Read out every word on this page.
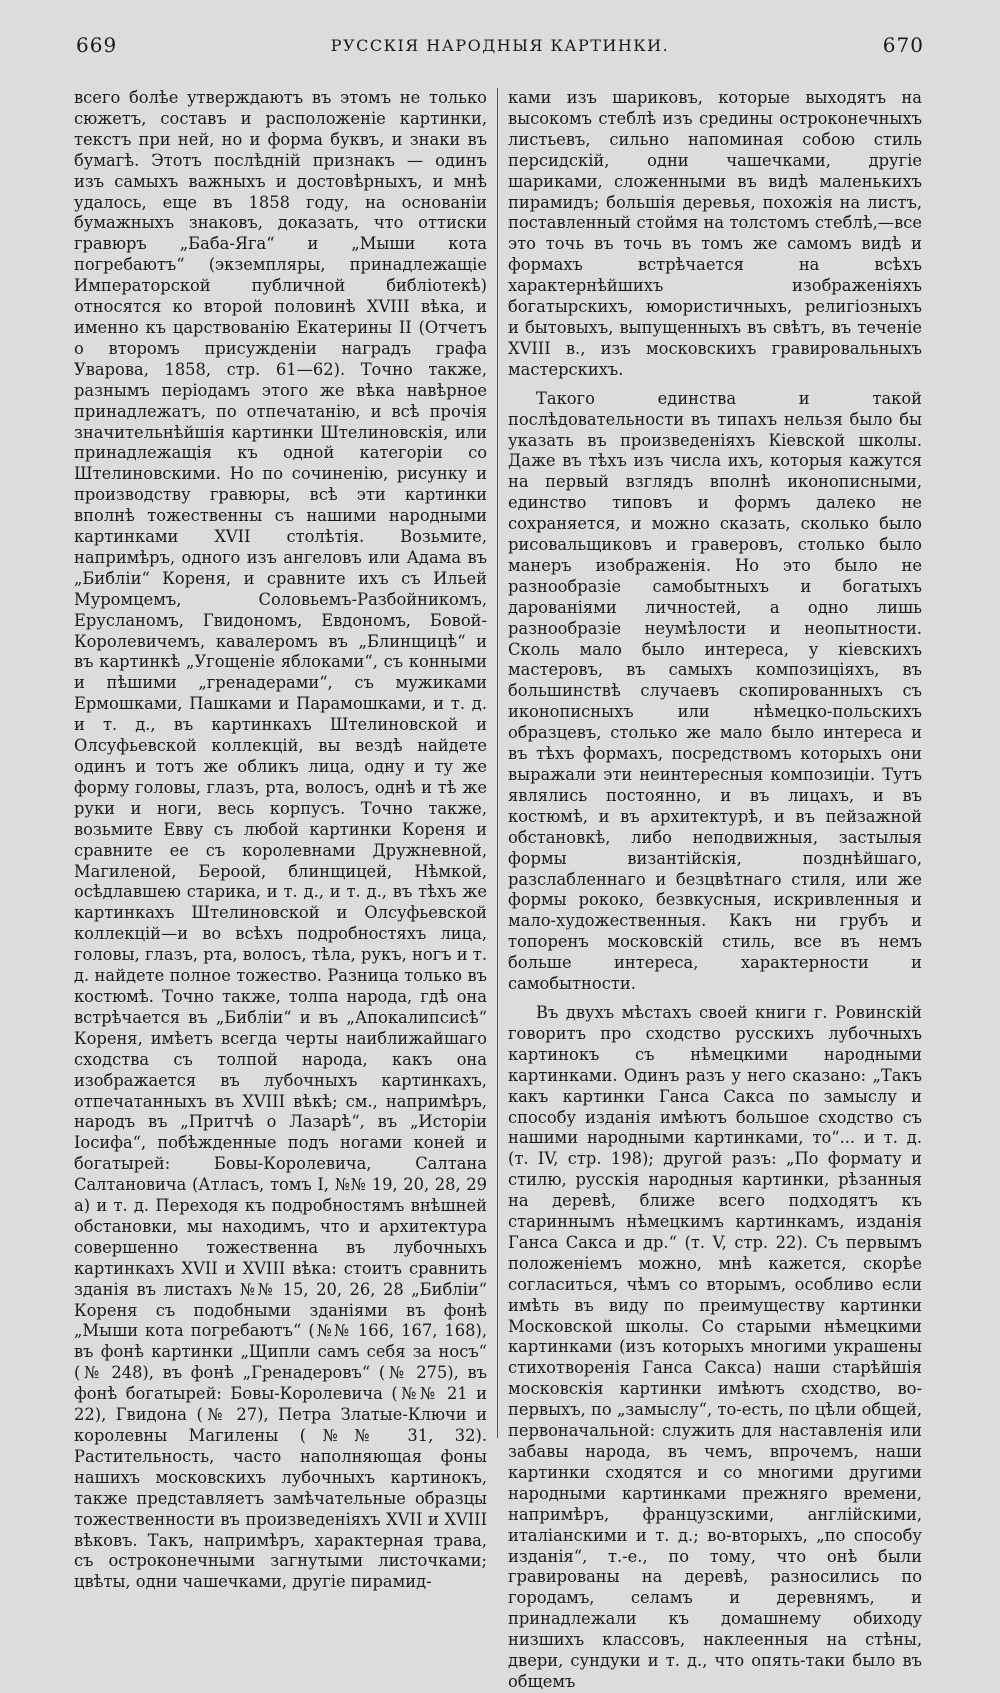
669	РУССКІЯ НАРОДНЫЯ КАРТИНКИ.	670

всего болѣе утверждаютъ въ этомъ не только сюжетъ, составъ и расположеніе картинки, текстъ при ней, но и форма буквъ, и знаки въ бумагѣ. Этотъ послѣдній признакъ — одинъ изъ самыхъ важныхъ и достовѣрныхъ, и мнѣ удалось, еще въ 1858 году, на основаніи бумажныхъ знаковъ, доказать, что оттиски гравюръ „Баба-Яга“ и „Мыши кота погребаютъ“ (экземпляры, принадлежащіе Императорской публичной библіотекѣ) относятся ко второй половинѣ XVIII вѣка, и именно къ царствованію Екатерины II (Отчетъ о второмъ присужденіи наградъ графа Уварова, 1858, стр. 61—62). Точно также, разнымъ періодамъ этого же вѣка навѣрное принадлежатъ, по отпечатанію, и всѣ прочія значительнѣйшія картинки Штелиновскія, или принадлежащія къ одной категоріи со Штелиновскими. Но по сочиненію, рисунку и производству гравюры, всѣ эти картинки вполнѣ тожественны съ нашими народными картинками XVII столѣтія. Возьмите, напримѣръ, одного изъ ангеловъ или Адама въ „Библіи“ Кореня, и сравните ихъ съ Ильей Муромцемъ, Соловьемъ-Разбойникомъ, Ерусланомъ, Гвидономъ, Евдономъ, Бовой-Королевичемъ, кавалеромъ въ „Блинщицѣ“ и въ картинкѣ „Угощеніе яблоками“, съ конными и пѣшими „гренадерами“, съ мужиками Ермошками, Пашками и Парамошками, и т. д. и т. д., въ картинкахъ Штелиновской и Олсуфьевской коллекцій, вы вездѣ найдете одинъ и тотъ же обликъ лица, одну и ту же форму головы, глазъ, рта, волосъ, однѣ и тѣ же руки и ноги, весь корпусъ. Точно также, возьмите Евву съ любой картинки Кореня и сравните ее съ королевнами Дружневной, Магиленой, Бероой, блинщицей, Нѣмкой, осѣдлавшею старика, и т. д., и т. д., въ тѣхъ же картинкахъ Штелиновской и Олсуфьевской коллекцій—и во всѣхъ подробностяхъ лица, головы, глазъ, рта, волосъ, тѣла, рукъ, ногъ и т. д. найдете полное тожество. Разница только въ костюмѣ. Точно также, толпа народа, гдѣ она встрѣчается въ „Библіи“ и въ „Апокалипсисѣ“ Кореня, имѣетъ всегда черты наиближайшаго сходства съ толпой народа, какъ она изображается въ лубочныхъ картинкахъ, отпечатанныхъ въ XVIII вѣкѣ; см., напримѣръ, народъ въ „Притчѣ о Лазарѣ“, въ „Исторіи Іосифа“, побѣжденные подъ ногами коней и богатырей: Бовы-Королевича, Салтана Салтановича (Атласъ, томъ I, №№ 19, 20, 28, 29 а) и т. д. Переходя къ подробностямъ внѣшней обстановки, мы находимъ, что и архитектура совершенно тожественна въ лубочныхъ картинкахъ XVII и XVIII вѣка: стоитъ сравнить зданія въ листахъ №№ 15, 20, 26, 28 „Библіи“ Кореня съ подобными зданіями въ фонѣ „Мыши кота погребаютъ“ (№№ 166, 167, 168), въ фонѣ картинки „Щипли самъ себя за носъ“ (№ 248), въ фонѣ „Гренадеровъ“ (№ 275), въ фонѣ богатырей: Бовы-Королевича (№№ 21 и 22), Гвидона (№ 27), Петра Златые-Ключи и королевны Магилены (№№ 31, 32). Растительность, часто наполняющая фоны нашихъ московскихъ лубочныхъ картинокъ, также представляетъ замѣчательные образцы тожественности въ произведеніяхъ XVII и XVIII вѣковъ. Такъ, напримѣръ, характерная трава, съ остроконечными загнутыми листочками; цвѣты, одни чашечками, другіе пирамид-

ками изъ шариковъ, которые выходятъ на высокомъ стеблѣ изъ средины остроконечныхъ листьевъ, сильно напоминая собою стиль персидскій, одни чашечками, другіе шариками, сложенными въ видѣ маленькихъ пирамидъ; большія деревья, похожія на листъ, поставленный стоймя на толстомъ стеблѣ,—все это точь въ точь въ томъ же самомъ видѣ и формахъ встрѣчается на всѣхъ характернѣйшихъ изображеніяхъ богатырскихъ, юмористичныхъ, религіозныхъ и бытовыхъ, выпущенныхъ въ свѣтъ, въ теченіе XVIII в., изъ московскихъ гравировальныхъ мастерскихъ.

Такого единства и такой послѣдовательности въ типахъ нельзя было бы указать въ произведеніяхъ Кіевской школы. Даже въ тѣхъ изъ числа ихъ, которыя кажутся на первый взглядъ вполнѣ иконописными, единство типовъ и формъ далеко не сохраняется, и можно сказать, сколько было рисовальщиковъ и граверовъ, столько было манеръ изображенія. Но это было не разнообразіе самобытныхъ и богатыхъ дарованіями личностей, а одно лишь разнообразіе неумѣлости и неопытности. Сколь мало было интереса, у кіевскихъ мастеровъ, въ самыхъ композиціяхъ, въ большинствѣ случаевъ скопированныхъ съ иконописныхъ или нѣмецко-польскихъ образцевъ, столько же мало было интереса и въ тѣхъ формахъ, посредствомъ которыхъ они выражали эти неинтересныя композиціи. Тутъ являлись постоянно, и въ лицахъ, и въ костюмѣ, и въ архитектурѣ, и въ пейзажной обстановкѣ, либо неподвижныя, застылыя формы византійскія, позднѣйшаго, разслабленнаго и безцвѣтнаго стиля, или же формы рококо, безвкусныя, искривленныя и мало-художественныя. Какъ ни грубъ и топоренъ московскій стиль, все въ немъ больше интереса, характерности и самобытности.

Въ двухъ мѣстахъ своей книги г. Ровинскій говоритъ про сходство русскихъ лубочныхъ картинокъ съ нѣмецкими народными картинками. Одинъ разъ у него сказано: „Такъ какъ картинки Ганса Сакса по замыслу и способу изданія имѣютъ большое сходство съ нашими народными картинками, то“... и т. д. (т. IV, стр. 198); другой разъ: „По формату и стилю, русскія народныя картинки, рѣзанныя на деревѣ, ближе всего подходятъ къ стариннымъ нѣмецкимъ картинкамъ, изданія Ганса Сакса и др.“ (т. V, стр. 22). Съ первымъ положеніемъ можно, мнѣ кажется, скорѣе согласиться, чѣмъ со вторымъ, особливо если имѣть въ виду по преимуществу картинки Московской школы. Со старыми нѣмецкими картинками (изъ которыхъ многими украшены стихотворенія Ганса Сакса) наши старѣйшія московскія картинки имѣютъ сходство, во-первыхъ, по „замыслу“, то-есть, по цѣли общей, первоначальной: служить для наставленія или забавы народа, въ чемъ, впрочемъ, наши картинки сходятся и со многими другими народными картинками прежняго времени, напримѣръ, французскими, англійскими, италіанскими и т. д.; во-вторыхъ, „по способу изданія“, т.-е., по тому, что онѣ были гравированы на деревѣ, разносились по городамъ, селамъ и деревнямъ, и принадлежали къ домашнему обиходу низшихъ классовъ, наклеенныя на стѣны, двери, сундуки и т. д., что опять-таки было въ общемъ
